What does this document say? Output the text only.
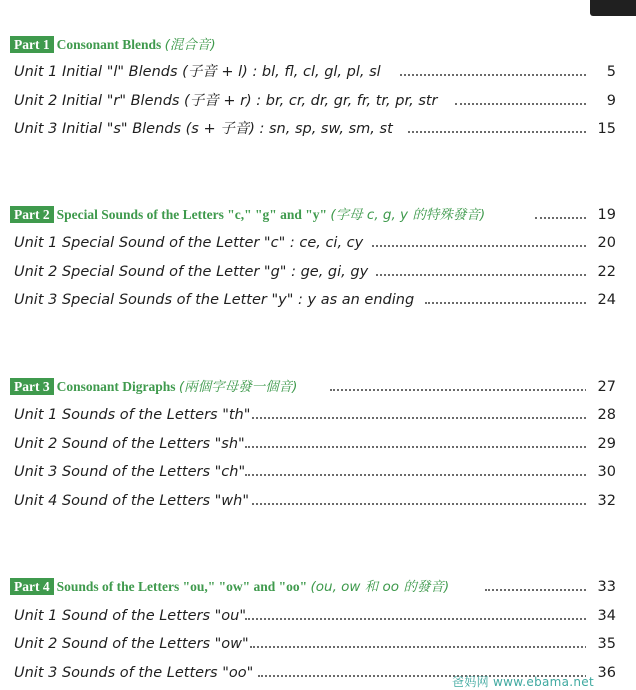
Part 1 Consonant Blends (混合音)
Unit 1 Initial "l" Blends (子音 + l) : bl, fl, cl, gl, pl, sl	5
Unit 2 Initial "r" Blends (子音 + r) : br, cr, dr, gr, fr, tr, pr, str	9
Unit 3 Initial "s" Blends (s + 子音) : sn, sp, sw, sm, st	15
Part 2 Special Sounds of the Letters "c," "g" and "y" (字母 c, g, y 的特殊發音)	19
Unit 1 Special Sound of the Letter "c" : ce, ci, cy	20
Unit 2 Special Sound of the Letter "g" : ge, gi, gy	22
Unit 3 Special Sounds of the Letter "y" : y as an ending	24
Part 3 Consonant Digraphs (兩個字母發一個音)	27
Unit 1 Sounds of the Letters "th"	28
Unit 2 Sound of the Letters "sh"	29
Unit 3 Sound of the Letters "ch"	30
Unit 4 Sound of the Letters "wh"	32
Part 4 Sounds of the Letters "ou," "ow" and "oo" (ou, ow 和 oo 的發音)	33
Unit 1 Sound of the Letters "ou"	34
Unit 2 Sound of the Letters "ow"	35
Unit 3 Sounds of the Letters "oo"	36
爸妈网 www.ebama.net
